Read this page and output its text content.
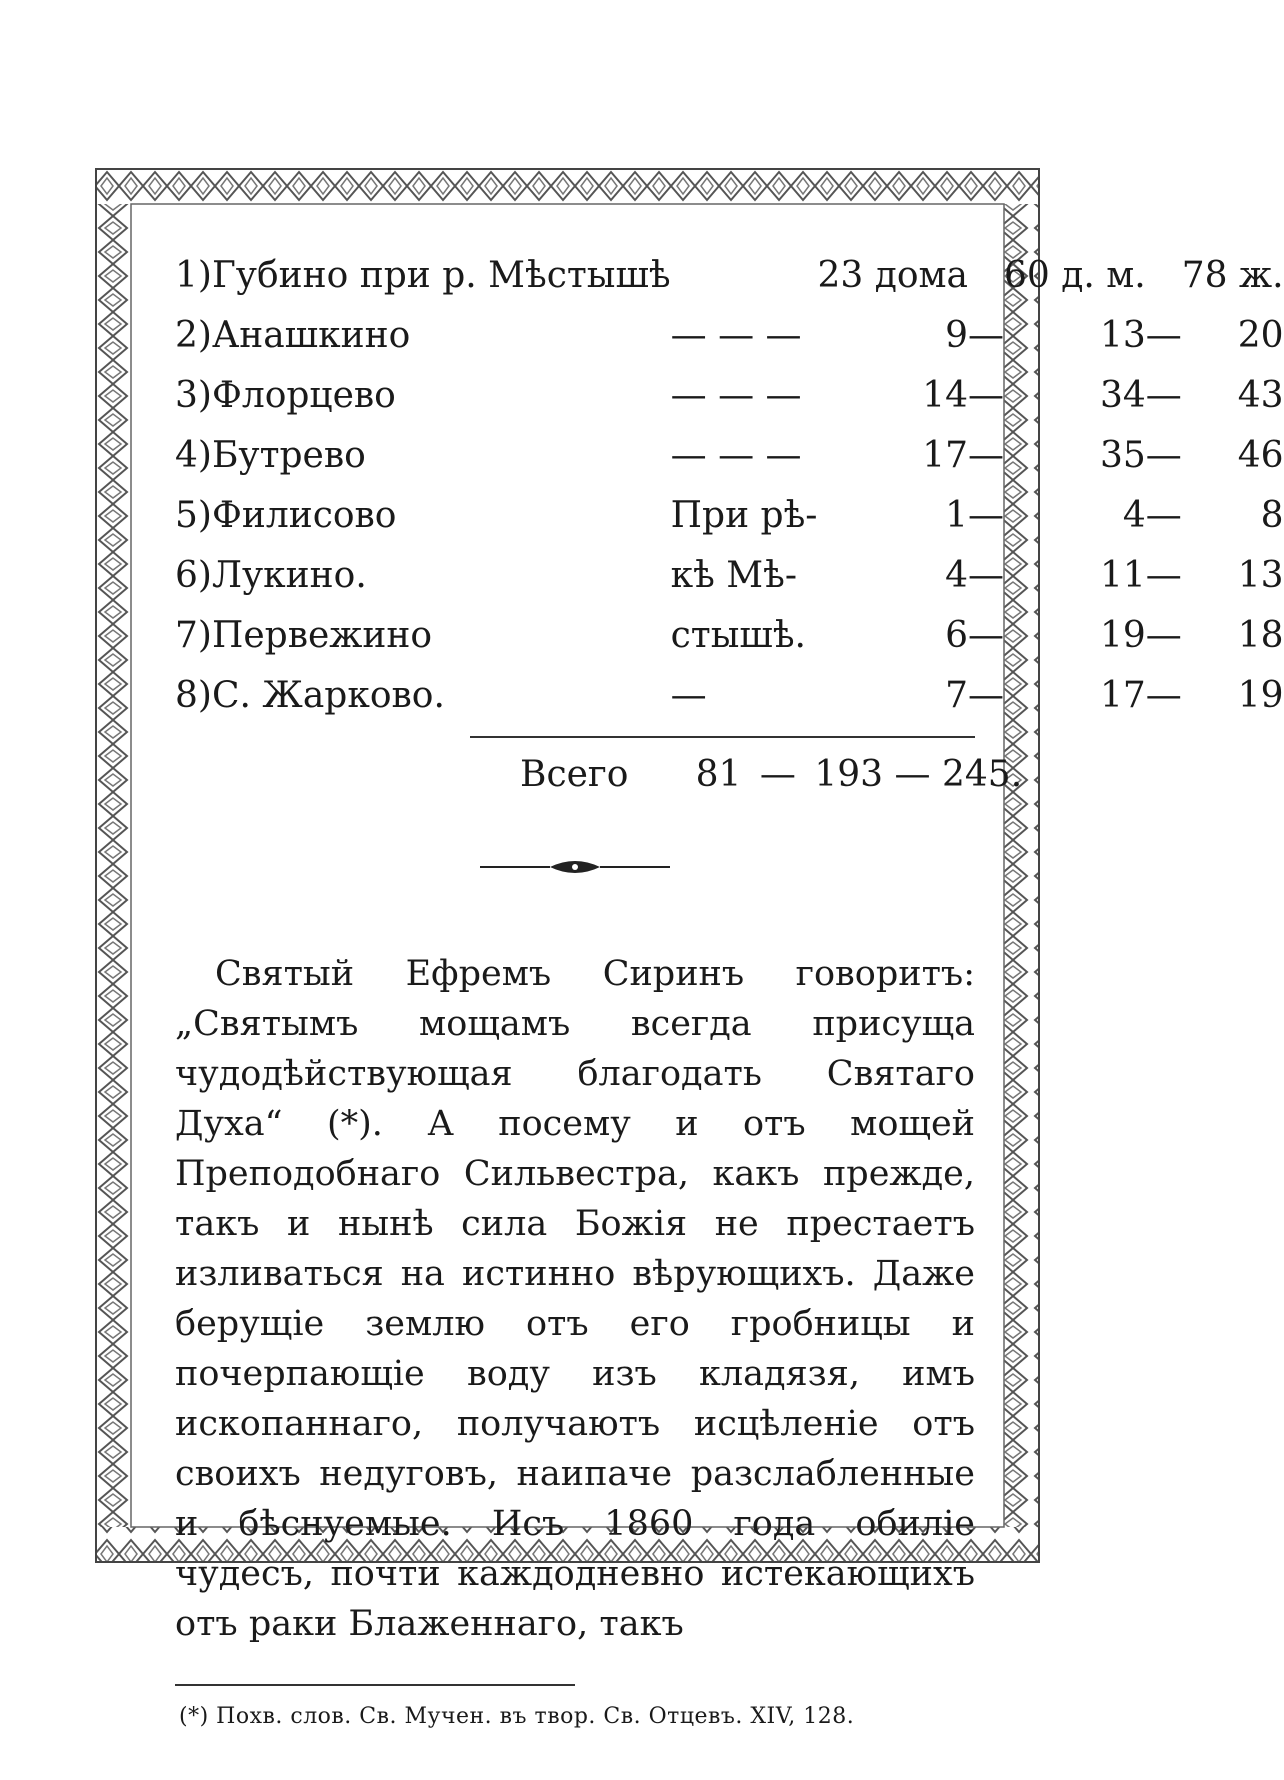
1)	Губино при р. Мѣстышѣ		23 дома		60 д. м.		78 ж.
2)	Анашкино	— — —	9	—	13	—	20
3)	Флорцево	— — —	14	—	34	—	43
4)	Бутрево	— — —	17	—	35	—	46
5)	Филисово	При рѣ-	1	—	4	—	8
6)	Лукино.	кѣ Мѣ-	4	—	11	—	13
7)	Первежино	стышѣ.	6	—	19	—	18
8)	С. Жарково.	—	7	—	17	—	19
Всего 81 — 193 — 245.

Святый Ефремъ Сиринъ говоритъ: „Святымъ мощамъ всегда присуща чудодѣйствующая благодать Святаго Духа“ (*). А посему и отъ мощей Преподобнаго Сильвестра, какъ прежде, такъ и нынѣ сила Божія не престаетъ изливаться на истинно вѣрующихъ. Даже берущіе землю отъ его гробницы и почерпающіе воду изъ кладязя, имъ ископаннаго, получаютъ исцѣленіе отъ своихъ недуговъ, наипаче разслабленные и бѣснуемые. Исъ 1860 года обиліе чудесъ, почти каждодневно истекающихъ отъ раки Блаженнаго, такъ

(*) Похв. слов. Св. Мучен. въ твор. Св. Отцевъ. XIV, 128.
